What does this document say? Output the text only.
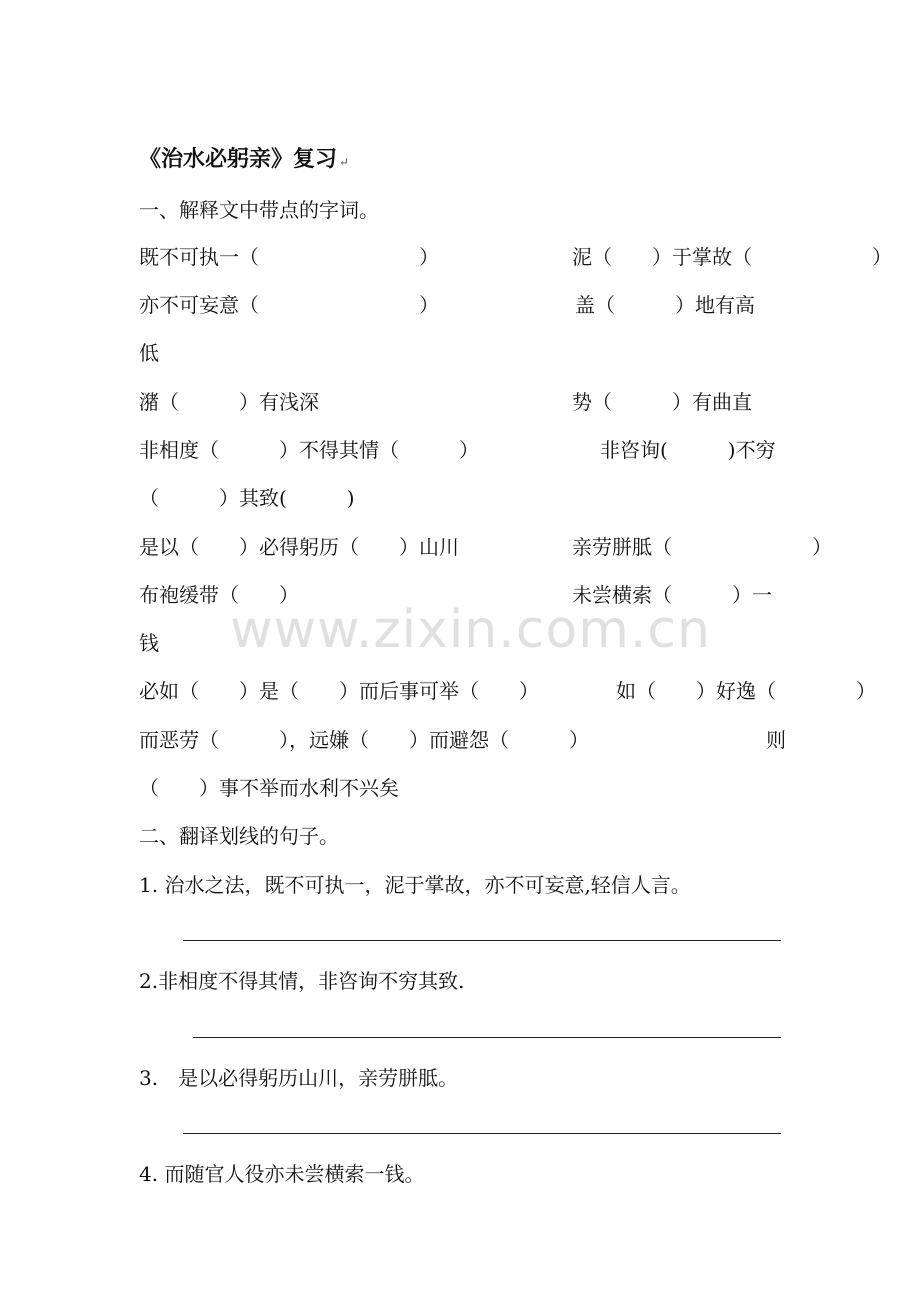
《治水必躬亲》复习 ↵
一、解释文中带点的字词。
既不可执一（　　　　　　　　）	泥（　　）于掌故（　　　　　　）
亦不可妄意（　　　　　　　　）	盖（　　　）地有高
低
潴（　　　）有浅深	势（　　　）有曲直
非相度（　　　）不得其情（　　　）	非咨询(　　　)不穷
（　　　）其致(　　　)
是以（　　）必得躬历（　　）山川	亲劳胼胝（　　　　　　　）
布袍缓带（　　）	未尝横索（　　　）一
钱
必如（　　）是（　　）而后事可举（　　）	如（　　）好逸（　　　　）
而恶劳（　　　），远嫌（　　）而避怨（　　　）	则
（　　）事不举而水利不兴矣
二、翻译划线的句子。
1. 治水之法，既不可执一，泥于掌故，亦不可妄意,轻信人言。
2.非相度不得其情，非咨询不穷其致.
3.　是以必得躬历山川，亲劳胼胝。
4. 而随官人役亦未尝横索一钱。
www.zixin.com.cn
